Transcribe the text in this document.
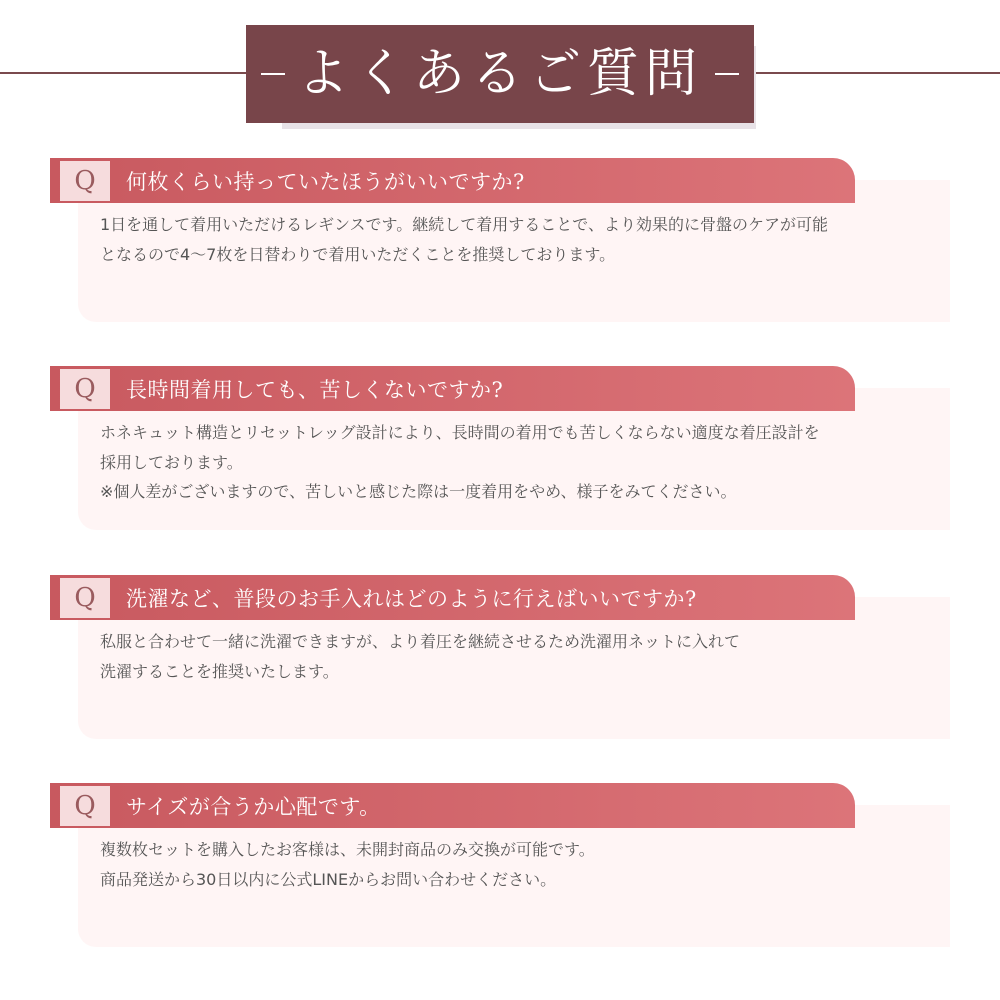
よくあるご質問
Q 何枚くらい持っていたほうがいいですか?
1日を通して着用いただけるレギンスです。継続して着用することで、より効果的に骨盤のケアが可能
となるので4〜7枚を日替わりで着用いただくことを推奨しております。
Q 長時間着用しても、苦しくないですか?
ホネキュット構造とリセットレッグ設計により、長時間の着用でも苦しくならない適度な着圧設計を
採用しております。
※個人差がございますので、苦しいと感じた際は一度着用をやめ、様子をみてください。
Q 洗濯など、普段のお手入れはどのように行えばいいですか?
私服と合わせて一緒に洗濯できますが、より着圧を継続させるため洗濯用ネットに入れて
洗濯することを推奨いたします。
Q サイズが合うか心配です。
複数枚セットを購入したお客様は、未開封商品のみ交換が可能です。
商品発送から30日以内に公式LINEからお問い合わせください。
